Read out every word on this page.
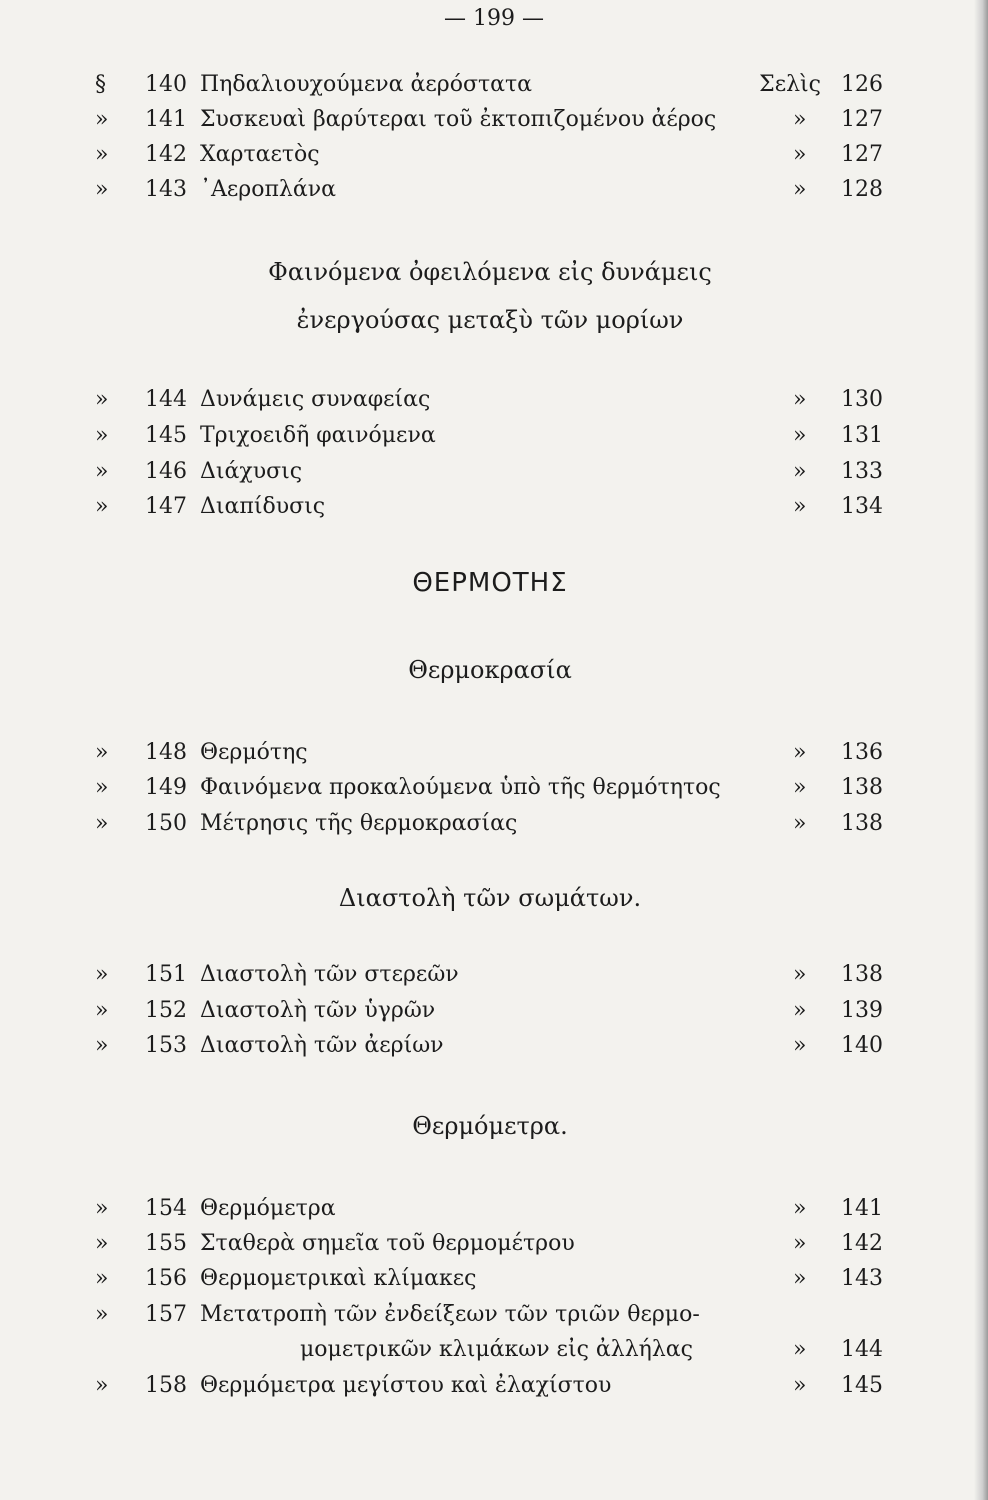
— 199 —
§	140 Πηδαλιουχούμενα ἀερόστατα	Σελὶς 126
»	141 Συσκευαὶ βαρύτεραι τοῦ ἐκτοπιζομένου ἀέρος	»	127
»	142 Χαρταετὸς	»	127
»	143 ᾿Αεροπλάνα	»	128
Φαινόμενα ὀφειλόμενα εἰς δυνάμεις
ἐνεργούσας μεταξὺ τῶν μορίων
»	144 Δυνάμεις συναφείας	»	130
»	145 Τριχοειδῆ φαινόμενα	»	131
»	146 Διάχυσις	»	133
»	147 Διαπίδυσις	»	134
ΘΕΡΜΟΤΗΣ
Θερμοκρασία
»	148 Θερμότης	»	136
»	149 Φαινόμενα προκαλούμενα ὑπὸ τῆς θερμότητος	»	138
»	150 Μέτρησις τῆς θερμοκρασίας	»	138
Διαστολὴ τῶν σωμάτων.
»	151 Διαστολὴ τῶν στερεῶν	»	138
»	152 Διαστολὴ τῶν ὑγρῶν	»	139
»	153 Διαστολὴ τῶν ἀερίων	»	140
Θερμόμετρα.
»	154 Θερμόμετρα	»	141
»	155 Σταθερὰ σημεῖα τοῦ θερμομέτρου	»	142
»	156 Θερμομετρικαὶ κλίμακες	»	143
»	157 Μετατροπὴ τῶν ἐνδείξεων τῶν τριῶν θερμο-
μομετρικῶν κλιμάκων εἰς ἀλλήλας	»	144
»	158 Θερμόμετρα μεγίστου καὶ ἐλαχίστου	»	145
